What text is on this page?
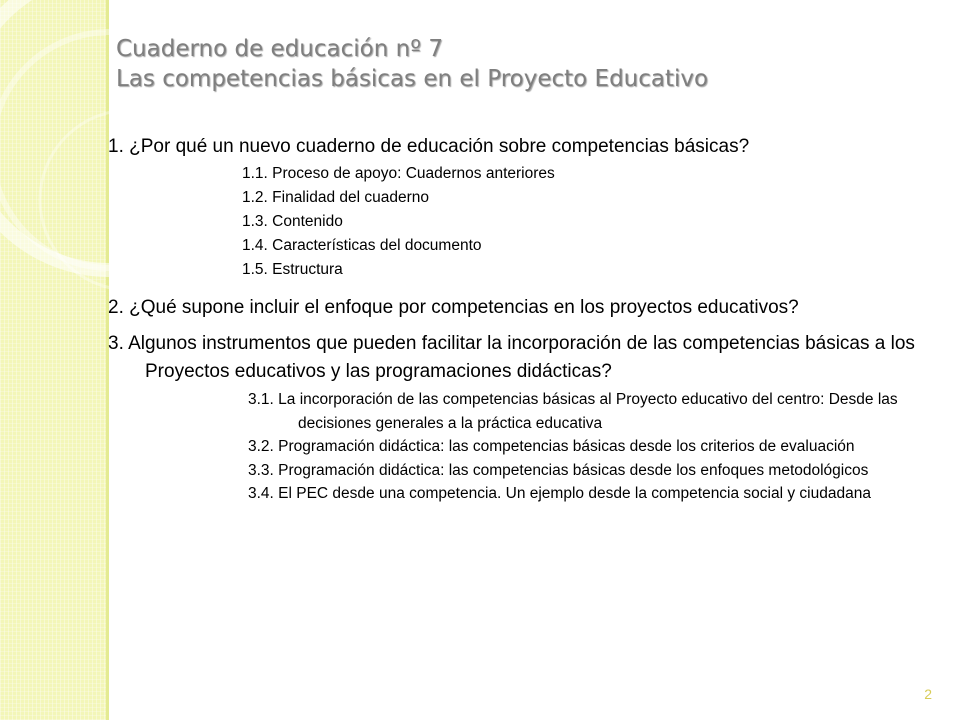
Cuaderno de educación nº 7
Las competencias básicas en el Proyecto Educativo
1. ¿Por qué un nuevo cuaderno de educación sobre competencias básicas?
1.1. Proceso de apoyo: Cuadernos anteriores
1.2. Finalidad del cuaderno
1.3. Contenido
1.4. Características del documento
1.5. Estructura
2. ¿Qué supone incluir el enfoque por competencias en los proyectos educativos?
3. Algunos instrumentos que pueden facilitar la incorporación de las competencias básicas a los Proyectos educativos y las programaciones didácticas?
3.1. La incorporación de las competencias básicas al Proyecto educativo del centro: Desde las decisiones generales a la práctica educativa
3.2. Programación didáctica: las competencias básicas desde los criterios de evaluación
3.3. Programación didáctica: las competencias básicas desde los enfoques metodológicos
3.4. El PEC desde una competencia. Un ejemplo desde la competencia social y ciudadana
2
